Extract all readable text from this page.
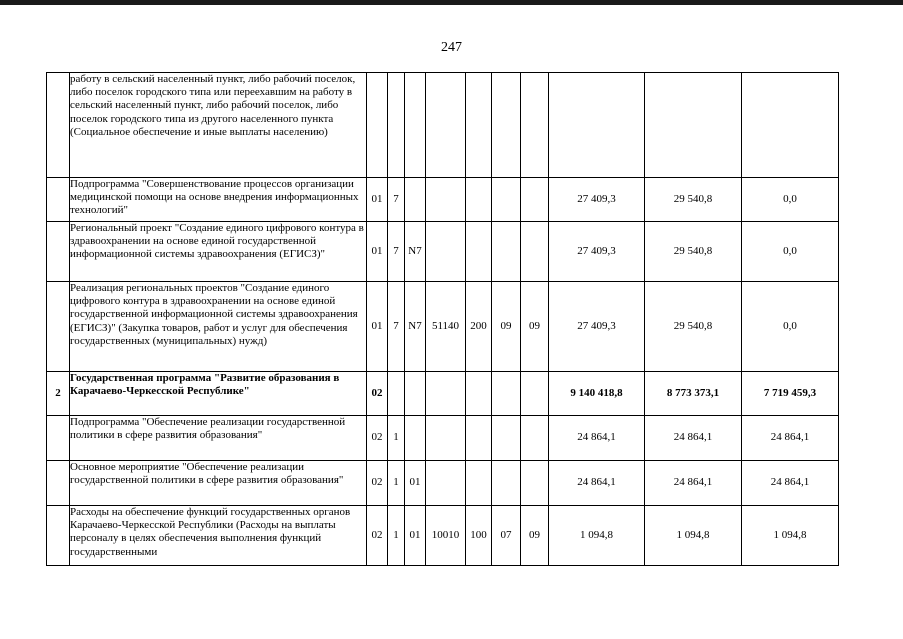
247
	работу в сельский населенный пункт, либо рабочий поселок, либо поселок городского типа или переехавшим на работу в сельский населенный пункт, либо рабочий поселок, либо поселок городского типа из другого населенного пункта (Социальное обеспечение и иные выплаты населению)										
	Подпрограмма "Совершенствование процессов организации медицинской помощи на основе внедрения информационных технологий"	01	7						27 409,3	29 540,8	0,0
	Региональный проект "Создание единого цифрового контура в здравоохранении на основе единой государственной информационной системы здравоохранения (ЕГИСЗ)"	01	7	N7					27 409,3	29 540,8	0,0
	Реализация региональных проектов "Создание единого цифрового контура в здравоохранении на основе единой государственной информационной системы здравоохранения (ЕГИСЗ)" (Закупка товаров, работ и услуг для обеспечения государственных (муниципальных) нужд)	01	7	N7	51140	200	09	09	27 409,3	29 540,8	0,0
2	Государственная программа "Развитие образования в Карачаево-Черкесской Республике"	02							9 140 418,8	8 773 373,1	7 719 459,3
	Подпрограмма "Обеспечение реализации государственной политики в сфере развития образования"	02	1						24 864,1	24 864,1	24 864,1
	Основное мероприятие "Обеспечение реализации государственной политики в сфере развития образования"	02	1	01					24 864,1	24 864,1	24 864,1
	Расходы на обеспечение функций государственных органов Карачаево-Черкесской Республики (Расходы на выплаты персоналу в целях обеспечения выполнения функций государственными	02	1	01	10010	100	07	09	1 094,8	1 094,8	1 094,8
